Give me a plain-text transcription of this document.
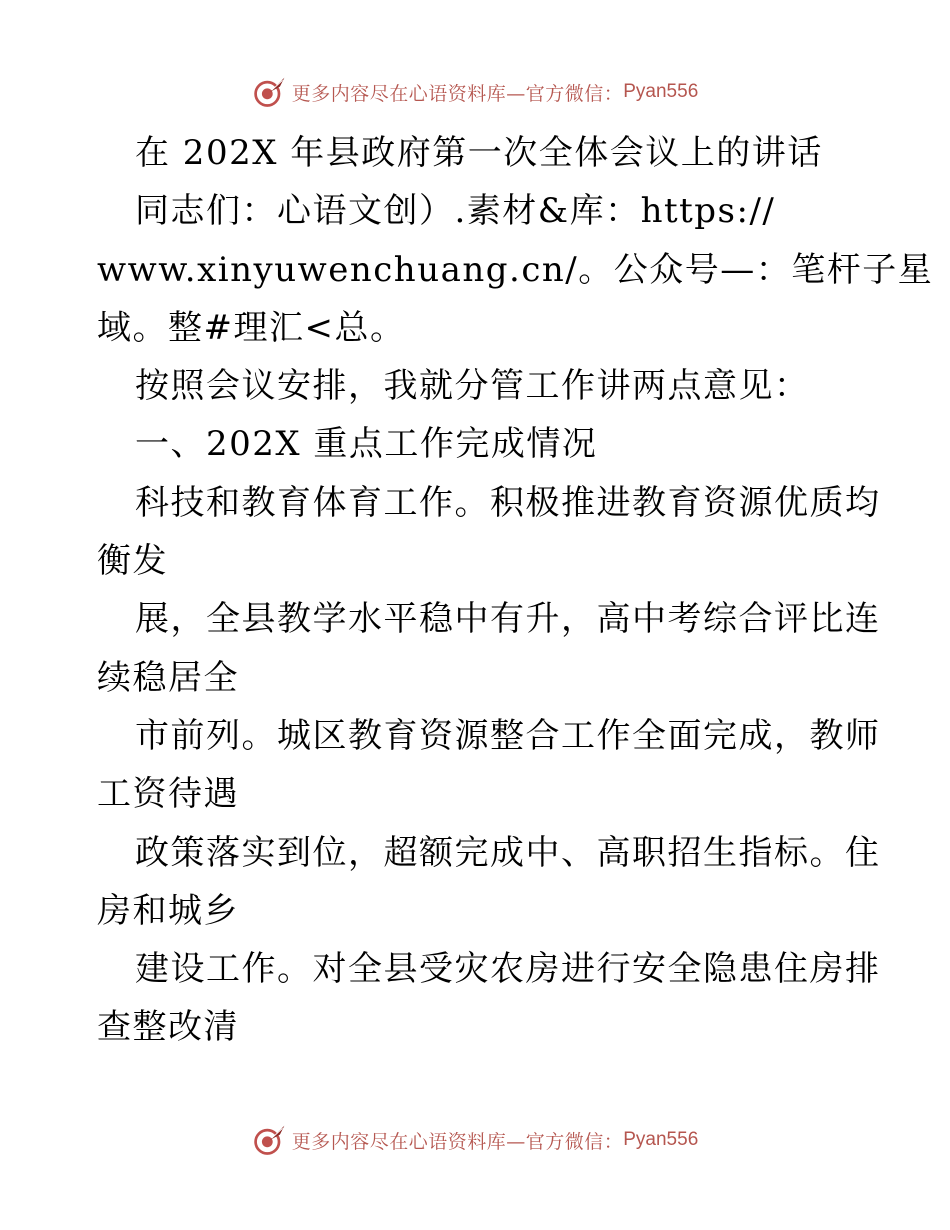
更多内容尽在心语资料库—官方微信： Pyan556
在 202X 年县政府第一次全体会议上的讲话
同志们：心语文创）.素材&库：https://
www.xinyuwenchuang.cn/。公众号—：笔杆子星
域。整#理汇<总。
按照会议安排，我就分管工作讲两点意见：
一、202X 重点工作完成情况
科技和教育体育工作。积极推进教育资源优质均
衡发
展，全县教学水平稳中有升，高中考综合评比连
续稳居全
市前列。城区教育资源整合工作全面完成，教师
工资待遇
政策落实到位，超额完成中、高职招生指标。住
房和城乡
建设工作。对全县受灾农房进行安全隐患住房排
查整改清
更多内容尽在心语资料库—官方微信： Pyan556
